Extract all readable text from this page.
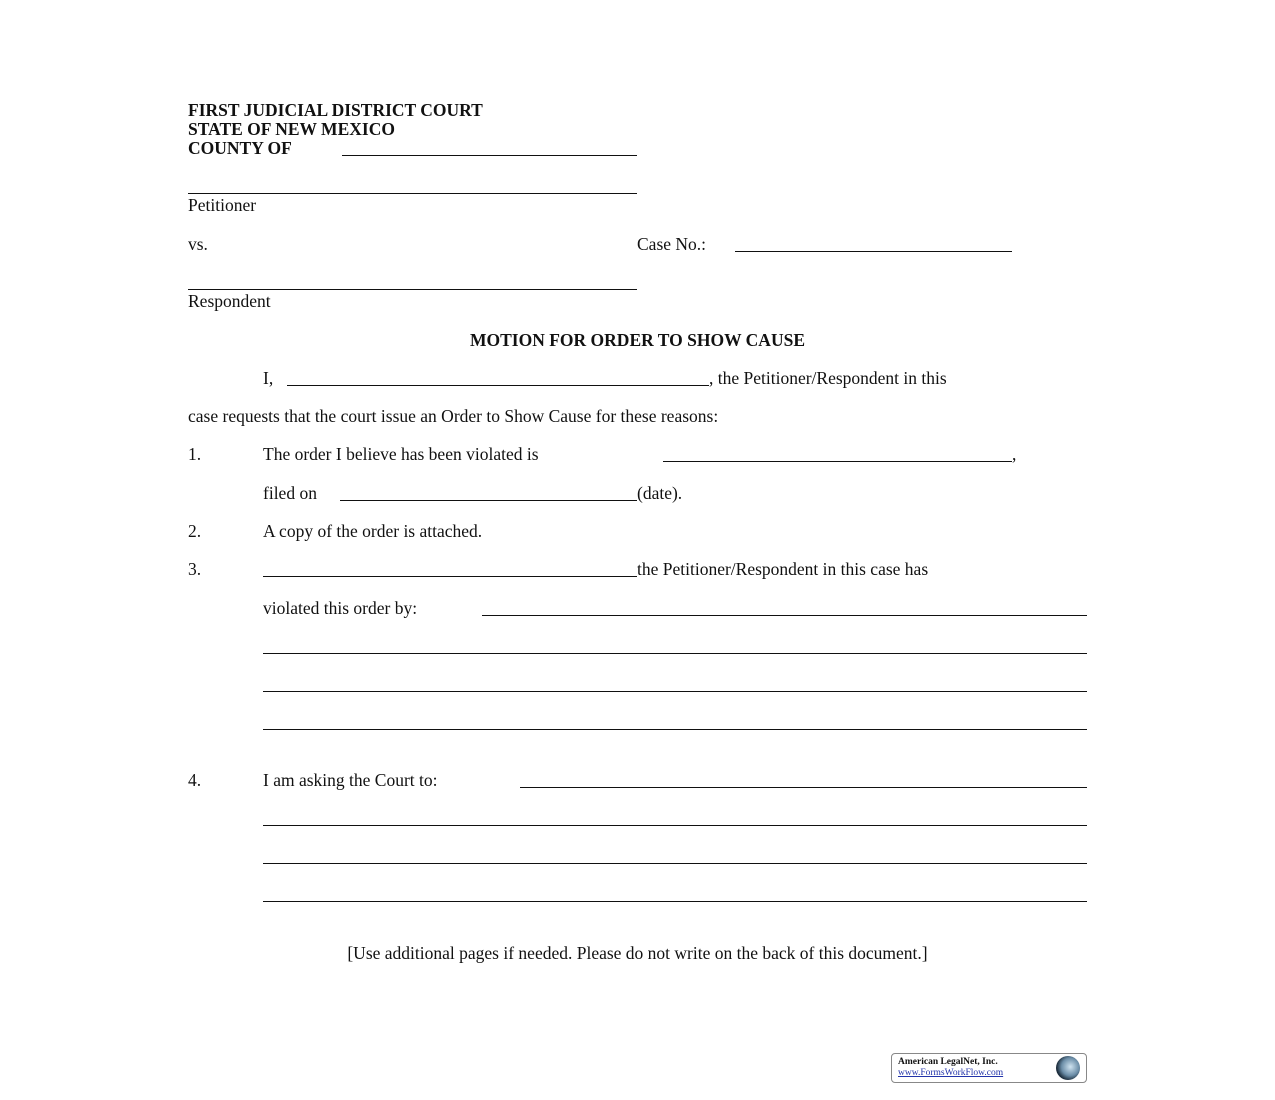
FIRST JUDICIAL DISTRICT COURT
STATE OF NEW MEXICO
COUNTY OF
Petitioner
vs.	Case No.:
Respondent
MOTION FOR ORDER TO SHOW CAUSE
I,	, the Petitioner/Respondent in this
case requests that the court issue an Order to Show Cause for these reasons:
1.	The order I believe has been violated is	,
filed on	(date).
2.	A copy of the order is attached.
3.	the Petitioner/Respondent in this case has
violated this order by:
4.	I am asking the Court to:
[Use additional pages if needed. Please do not write on the back of this document.]
American LegalNet, Inc.
www.FormsWorkFlow.com
